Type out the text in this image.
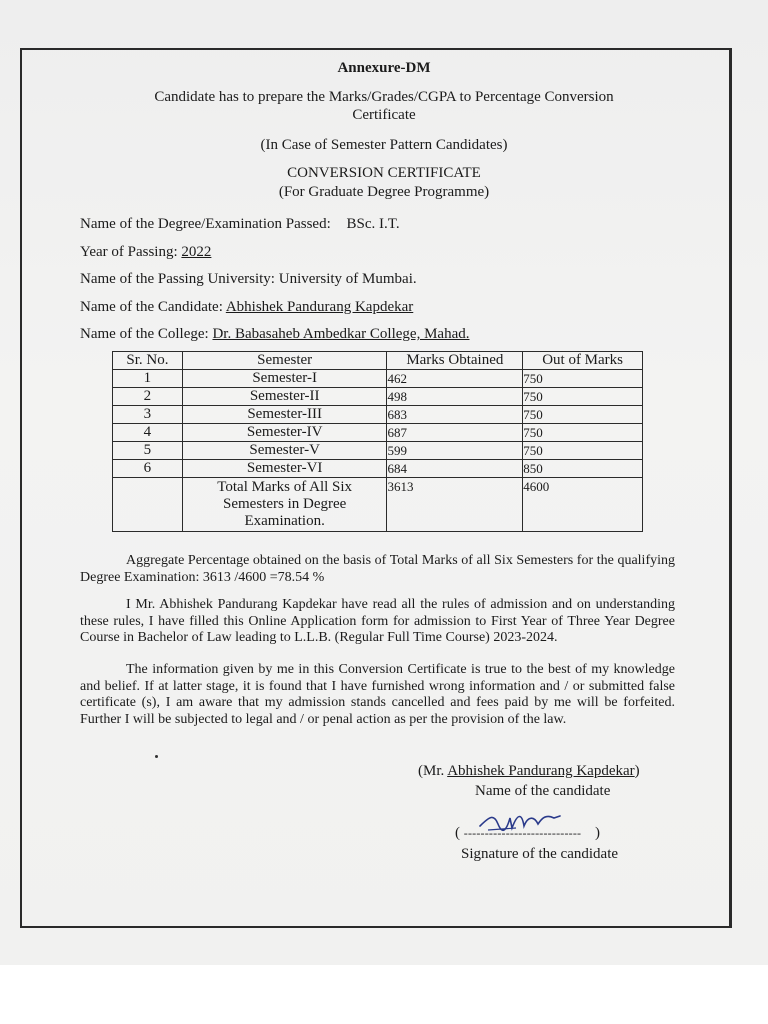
Annexure-DM
Candidate has to prepare the Marks/Grades/CGPA to Percentage Conversion
Certificate
(In Case of Semester Pattern Candidates)
CONVERSION CERTIFICATE
(For Graduate Degree Programme)
Name of the Degree/Examination Passed: BSc. I.T.
Year of Passing: 2022
Name of the Passing University: University of Mumbai.
Name of the Candidate: Abhishek Pandurang Kapdekar
Name of the College: Dr. Babasaheb Ambedkar College, Mahad.
Sr. No.	Semester	Marks Obtained	Out of Marks
1	Semester-I	462	750
2	Semester-II	498	750
3	Semester-III	683	750
4	Semester-IV	687	750
5	Semester-V	599	750
6	Semester-VI	684	850

	Total Marks of All Six
Semesters in Degree
Examination.	3613	4600
Aggregate Percentage obtained on the basis of Total Marks of all Six Semesters for the qualifying Degree Examination: 3613 /4600 =78.54 %
I Mr. Abhishek Pandurang Kapdekar have read all the rules of admission and on understanding these rules, I have filled this Online Application form for admission to First Year of Three Year Degree Course in Bachelor of Law leading to L.L.B. (Regular Full Time Course) 2023-2024.
The information given by me in this Conversion Certificate is true to the best of my knowledge and belief. If at latter stage, it is found that I have furnished wrong information and / or submitted false certificate (s), I am aware that my admission stands cancelled and fees paid by me will be forfeited. Further I will be subjected to legal and / or penal action as per the provision of the law.
(Mr. Abhishek Pandurang Kapdekar)
Name of the candidate
( ---------------------------- )
Signature of the candidate
